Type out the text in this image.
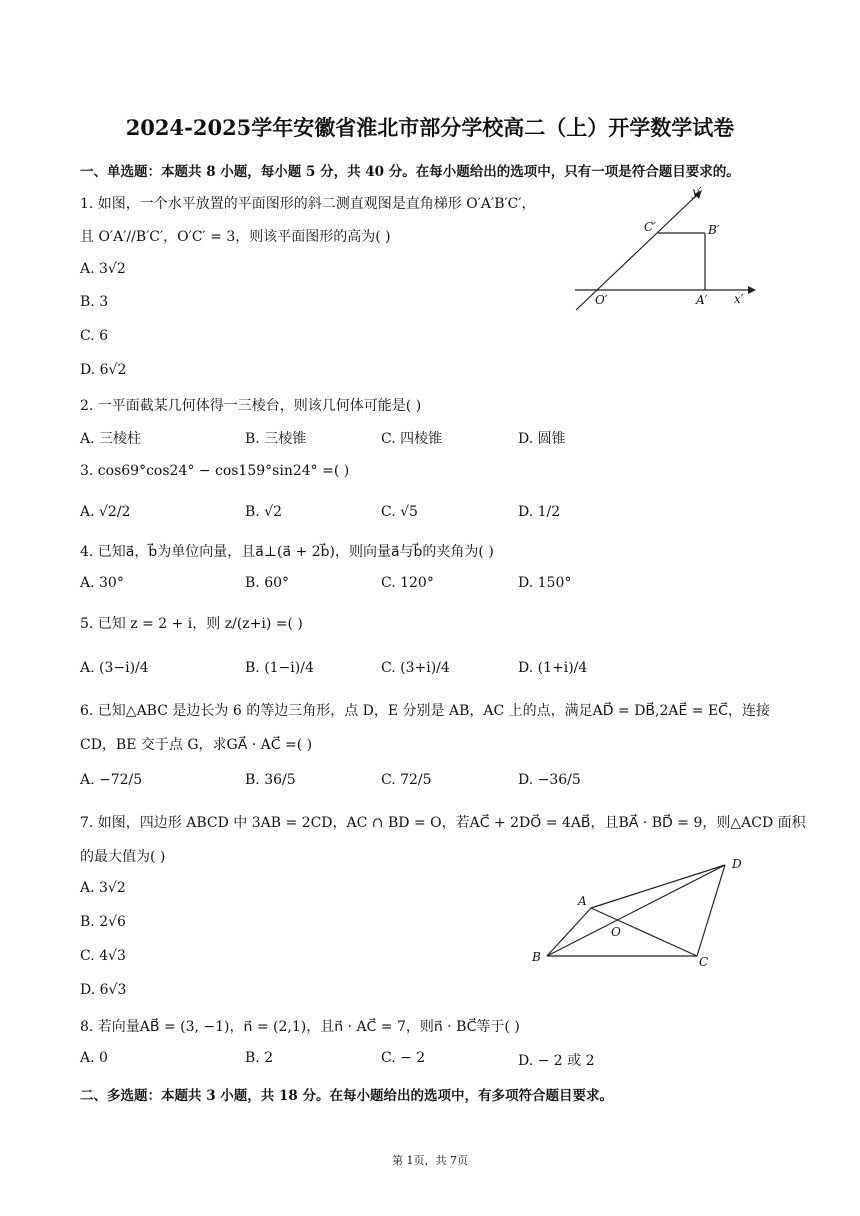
2024-2025学年安徽省淮北市部分学校高二（上）开学数学试卷
一、单选题：本题共 8 小题，每小题 5 分，共 40 分。在每小题给出的选项中，只有一项是符合题目要求的。
1. 如图，一个水平放置的平面图形的斜二测直观图是直角梯形 O′A′B′C′，
且 O′A′//B′C′，O′C′ = 3，则该平面图形的高为( )
A. 3√2
B. 3
C. 6
D. 6√2
y′
C′	B′
O′	A′ x′
2. 一平面截某几何体得一三棱台，则该几何体可能是( )
A. 三棱柱	B. 三棱锥	C. 四棱锥	D. 圆锥
3. cos69°cos24° − cos159°sin24° =( )
A. √2/2	B. √2	C. √5	D. 1/2
4. 已知a⃗，b⃗为单位向量，且a⃗⊥(a⃗ + 2b⃗)，则向量a⃗与b⃗的夹角为( )
A. 30°	B. 60°	C. 120°	D. 150°
5. 已知 z = 2 + i，则 z/(z+i) =( )
A. (3−i)/4	B. (1−i)/4	C. (3+i)/4	D. (1+i)/4
6. 已知△ABC 是边长为 6 的等边三角形，点 D，E 分别是 AB，AC 上的点，满足AD⃗ = DB⃗,2AE⃗ = EC⃗，连接
CD，BE 交于点 G，求GA⃗ · AC⃗ =( )
A. −72/5	B. 36/5	C. 72/5	D. −36/5
7. 如图，四边形 ABCD 中 3AB = 2CD，AC ∩ BD = O，若AC⃗ + 2DO⃗ = 4AB⃗，且BA⃗ · BD⃗ = 9，则△ACD 面积
的最大值为( )
A. 3√2
B. 2√6
C. 4√3
D. 6√3
D
A
O
B	C
8. 若向量AB⃗ = (3, −1)，n⃗ = (2,1)，且n⃗ · AC⃗ = 7，则n⃗ · BC⃗等于( )
A. 0	B. 2	C. − 2	D. − 2 或 2
二、多选题：本题共 3 小题，共 18 分。在每小题给出的选项中，有多项符合题目要求。
第 1页，共 7页
